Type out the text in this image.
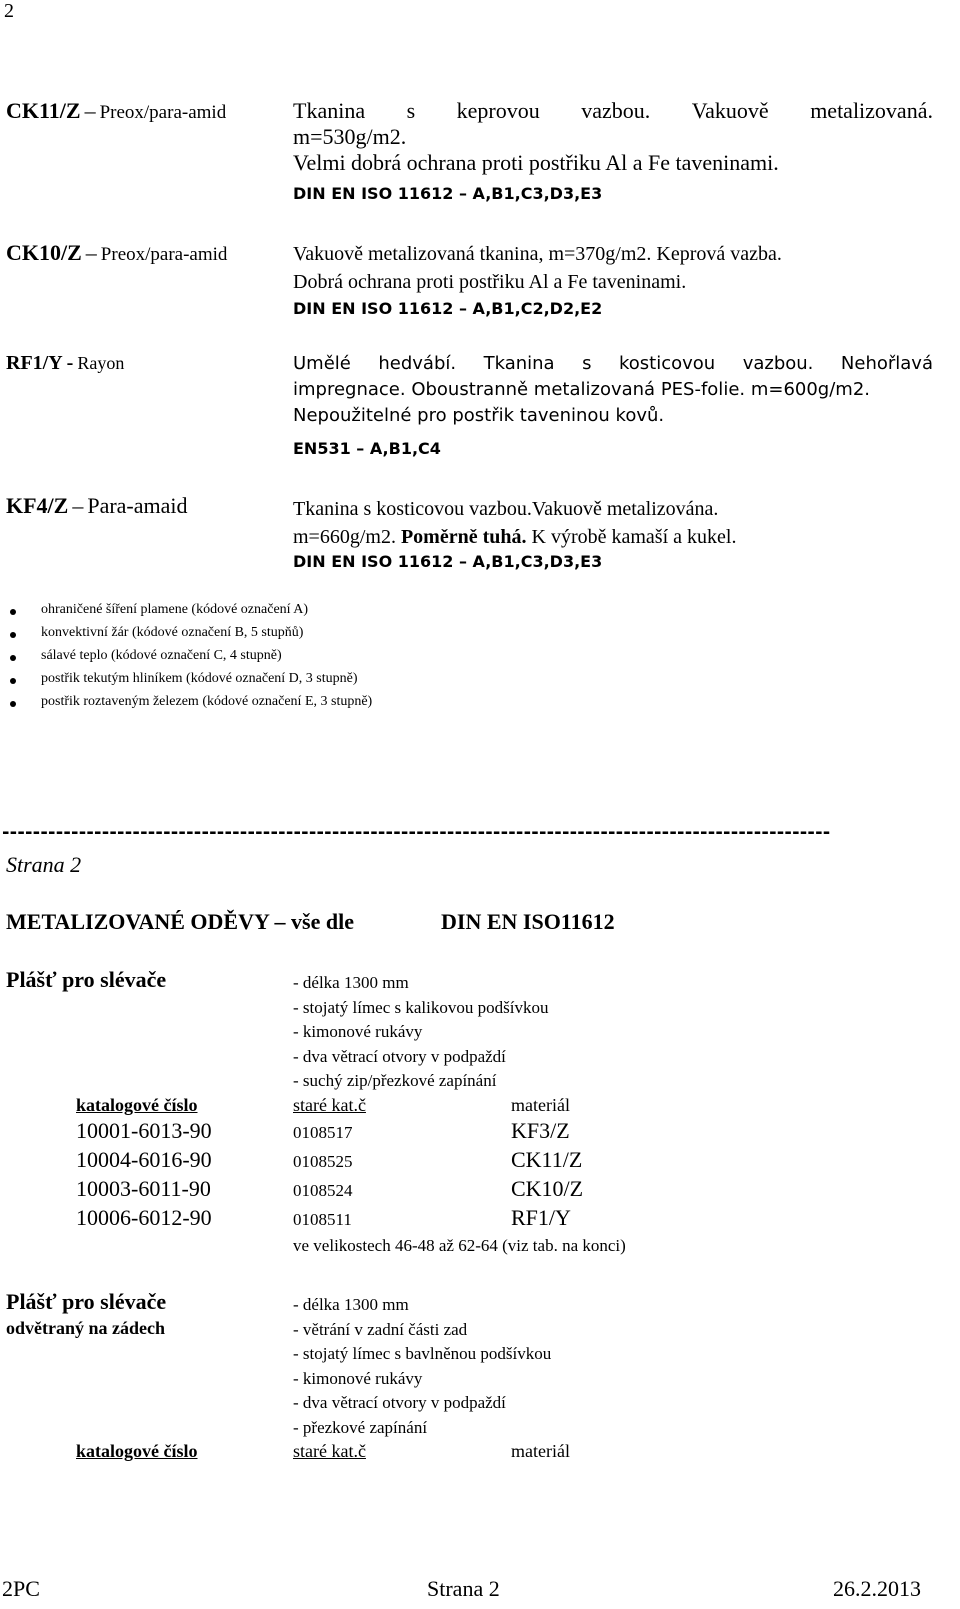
2
CK11/Z – Preox/para-amid	Tkanina s keprovou vazbou. Vakuově metalizovaná.
m=530g/m2.
Velmi dobrá ochrana proti postřiku Al a Fe taveninami.
DIN EN ISO 11612 – A,B1,C3,D3,E3
CK10/Z – Preox/para-amid	Vakuově metalizovaná tkanina, m=370g/m2. Keprová vazba.
Dobrá ochrana proti postřiku Al a Fe taveninami.
DIN EN ISO 11612 – A,B1,C2,D2,E2
RF1/Y - Rayon	Umělé hedvábí. Tkanina s kosticovou vazbou. Nehořlavá
impregnace. Oboustranně metalizovaná PES-folie. m=600g/m2.
Nepoužitelné pro postřik taveninou kovů.
EN531 – A,B1,C4
KF4/Z – Para-amaid	Tkanina s kosticovou vazbou.Vakuově metalizována.
m=660g/m2. Poměrně tuhá. K výrobě kamaší a kukel.
DIN EN ISO 11612 – A,B1,C3,D3,E3
ohraničené šíření plamene (kódové označení A)
konvektivní žár (kódové označení B, 5 stupňů)
sálavé teplo (kódové označení C, 4 stupně)
postřik tekutým hliníkem (kódové označení D, 3 stupně)
postřik roztaveným železem (kódové označení E, 3 stupně)
------------------------------------------------------------------------------------------------------------
Strana 2
METALIZOVANÉ ODĚVY – vše dle	DIN EN ISO11612
Plášť pro slévače	- délka 1300 mm
- stojatý límec s kalikovou podšívkou
- kimonové rukávy
- dva větrací otvory v podpaždí
- suchý zip/přezkové zapínání
katalogové číslo	staré kat.č	materiál
10001-6013-90	0108517	KF3/Z
10004-6016-90	0108525	CK11/Z
10003-6011-90	0108524	CK10/Z
10006-6012-90	0108511	RF1/Y
ve velikostech 46-48 až 62-64 (viz tab. na konci)
Plášť pro slévače
odvětraný na zádech
- délka 1300 mm
- větrání v zadní části zad
- stojatý límec s bavlněnou podšívkou
- kimonové rukávy
- dva větrací otvory v podpaždí
- přezkové zapínání
katalogové číslo	staré kat.č	materiál
2PC	Strana 2	26.2.2013
